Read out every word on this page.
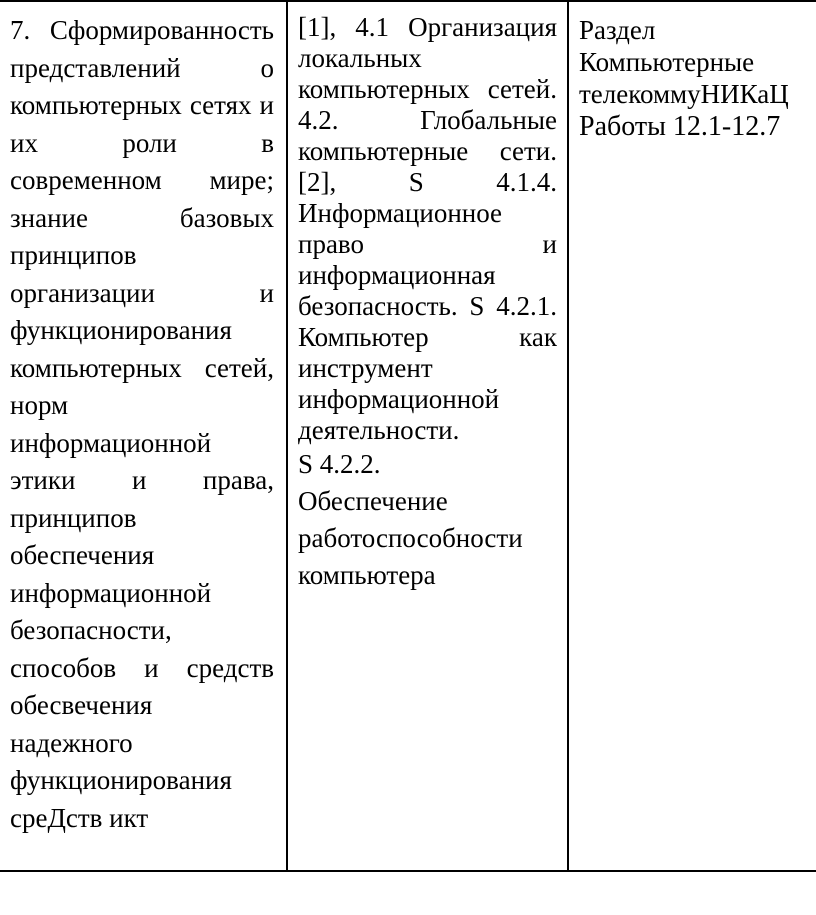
7. Сформированность представлений о компьютерных сетях и их роли в современном мире; знание базовых принципов организации и функционирования компьютерных сетей, норм информационной этики и права, принципов обеспечения информационной безопасности, способов и средств обесвечения надежного функционирования среДств икт

[1], 4.1 Организация локальных компьютерных сетей. 4.2. Глобальные компьютерные сети. [2], S 4.1.4. Информационное право и информационная безопасность. S 4.2.1. Компьютер как инструмент информационной деятельности.

S 4.2.2.

Обеспечение работоспособности компьютера

Раздел
Компьютерные
телекоммуНИКаЦ
Работы 12.1-12.7
